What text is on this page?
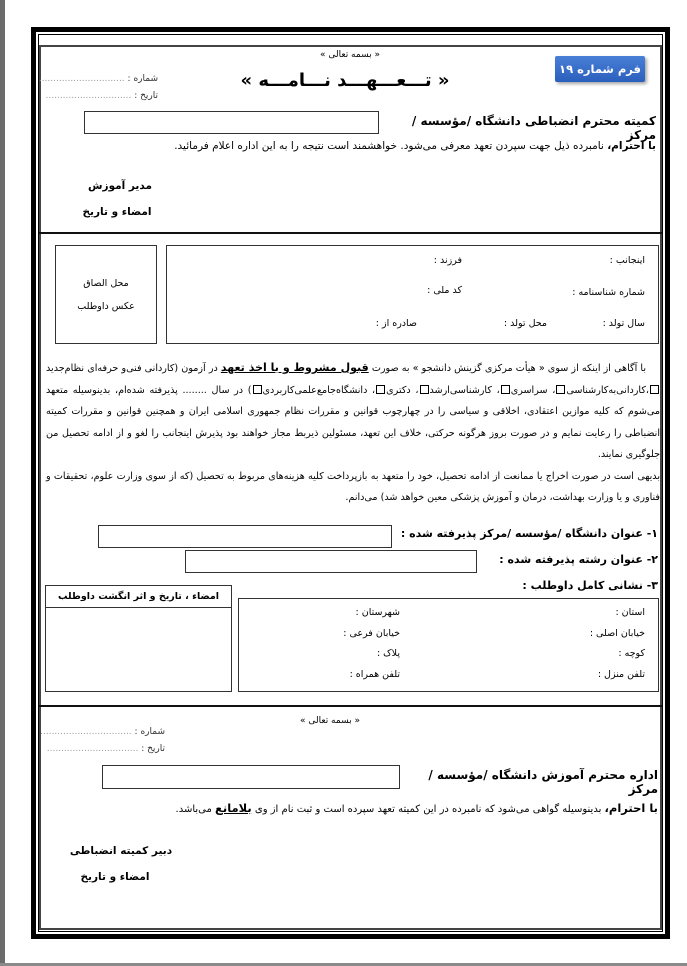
فرم شماره ۱۹
« بسمه تعالی »
« تـــعـــهـــد نـــامـــه »
شماره : ..............................
تاریخ : ..............................
کمیته محترم انضباطی دانشگاه /مؤسسه /مرکز
با احترام، نامبرده ذیل جهت سپردن تعهد معرفی می‌شود. خواهشمند است نتیجه را به این اداره اعلام فرمائید.
مدیر آموزش
امضاء و تاریخ
محل الصاق
عکس داوطلب
اینجانب :
فرزند :
شماره شناسنامه :
کد ملی :
سال تولد :
محل تولد :
صادره از :
با آگاهی از اینکه از سوی « هیأت مرکزی گزینش دانشجو » به صورت قبول مشروط و با اخذ تعهد در آزمون (کاردانی فنی‌و حرفه‌ای نظام‌جدید،کاردانی‌به‌کارشناسی، سراسری، کارشناسی‌ارشد، دکتری، دانشگاه‌جامع‌علمی‌کاربردی) در سال ........ پذیرفته شده‌ام، بدینوسیله متعهد می‌شوم که کلیه موازین اعتقادی، اخلاقی و سیاسی را در چهارچوب قوانین و مقررات نظام جمهوری اسلامی ایران و همچنین قوانین و مقررات کمیته انضباطی را رعایت نمایم و در صورت بروز هرگونه حرکتی، خلاف این تعهد، مسئولین ذیربط مجاز خواهند بود پذیرش اینجانب را لغو و از ادامه تحصیل من جلوگیری نمایند.
بدیهی است در صورت اخراج یا ممانعت از ادامه تحصیل، خود را متعهد به بازپرداخت کلیه هزینه‌های مربوط به تحصیل (که از سوی وزارت علوم، تحقیقات و فناوری و یا وزارت بهداشت، درمان و آموزش پزشکی معین خواهد شد) می‌دانم.
۱- عنوان دانشگاه /مؤسسه /مرکز پذیرفته شده :
۲- عنوان رشته پذیرفته شده :
۳- نشانی کامل داوطلب :
امضاء ، تاریخ و اثر انگشت داوطلب
استان :
شهرستان :
خیابان اصلی :
خیابان فرعی :
کوچه :
پلاک :
تلفن منزل :
تلفن همراه :
« بسمه تعالی »
شماره : ................................
تاریخ : ................................
اداره محترم آموزش دانشگاه /مؤسسه /مرکز
با احترام، بدینوسیله گواهی می‌شود که نامبرده در این کمیته تعهد سپرده است و ثبت نام از وی بلامانع می‌باشد.
دبیر کمیته انضباطی
امضاء و تاریخ
